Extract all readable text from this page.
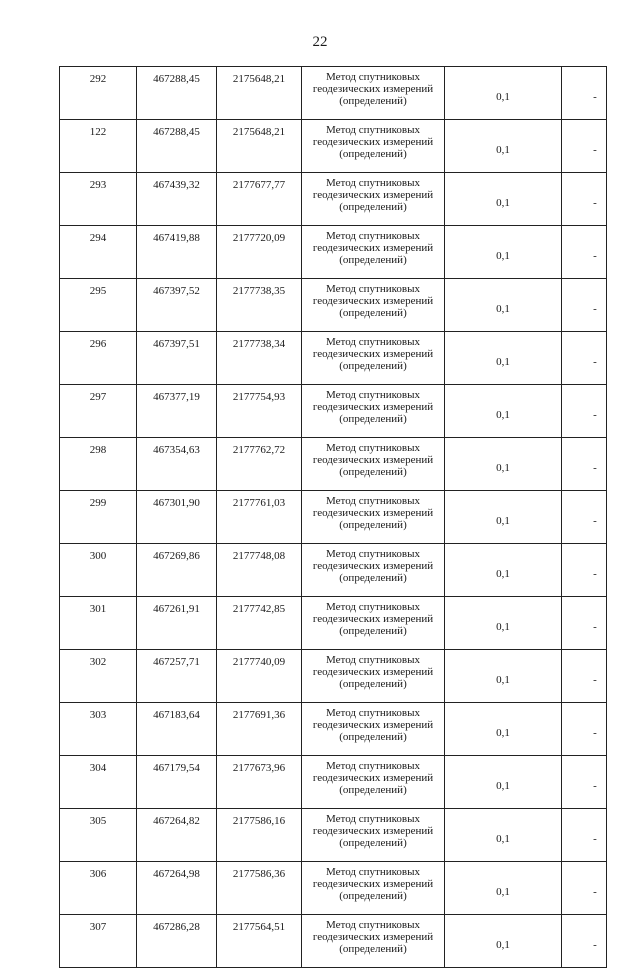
22
292	467288,45	2175648,21	Метод спутниковых
геодезических измерений
(определений)	0,1	-
122	467288,45	2175648,21	Метод спутниковых
геодезических измерений
(определений)	0,1	-
293	467439,32	2177677,77	Метод спутниковых
геодезических измерений
(определений)	0,1	-
294	467419,88	2177720,09	Метод спутниковых
геодезических измерений
(определений)	0,1	-
295	467397,52	2177738,35	Метод спутниковых
геодезических измерений
(определений)	0,1	-
296	467397,51	2177738,34	Метод спутниковых
геодезических измерений
(определений)	0,1	-
297	467377,19	2177754,93	Метод спутниковых
геодезических измерений
(определений)	0,1	-
298	467354,63	2177762,72	Метод спутниковых
геодезических измерений
(определений)	0,1	-
299	467301,90	2177761,03	Метод спутниковых
геодезических измерений
(определений)	0,1	-
300	467269,86	2177748,08	Метод спутниковых
геодезических измерений
(определений)	0,1	-
301	467261,91	2177742,85	Метод спутниковых
геодезических измерений
(определений)	0,1	-
302	467257,71	2177740,09	Метод спутниковых
геодезических измерений
(определений)	0,1	-
303	467183,64	2177691,36	Метод спутниковых
геодезических измерений
(определений)	0,1	-
304	467179,54	2177673,96	Метод спутниковых
геодезических измерений
(определений)	0,1	-
305	467264,82	2177586,16	Метод спутниковых
геодезических измерений
(определений)	0,1	-
306	467264,98	2177586,36	Метод спутниковых
геодезических измерений
(определений)	0,1	-
307	467286,28	2177564,51	Метод спутниковых
геодезических измерений
(определений)	0,1	-
